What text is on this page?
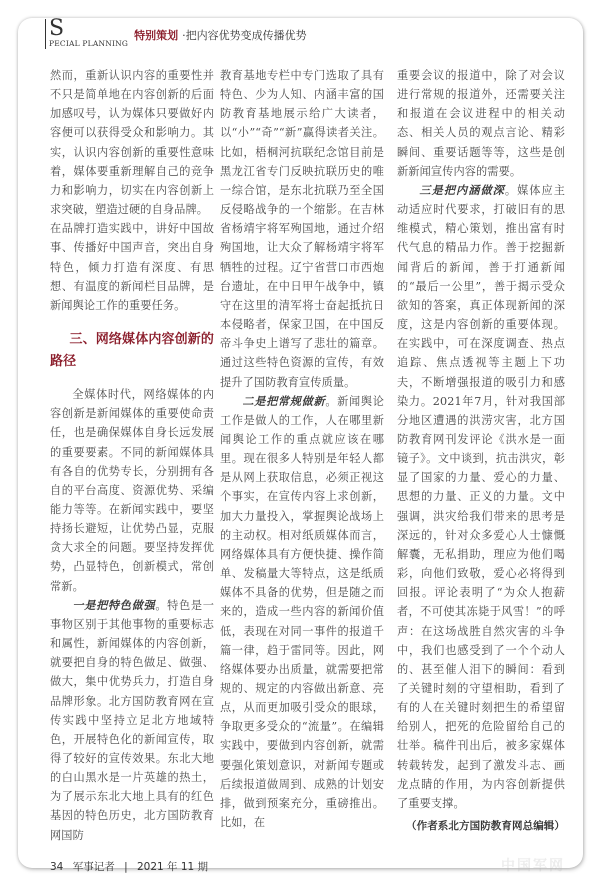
S
PECIAL PLANNING
特别策划 ·把内容优势变成传播优势

然而，重新认识内容的重要性并不只是简单地在内容创新的后面加感叹号，认为媒体只要做好内容便可以获得受众和影响力。其实，认识内容创新的重要性意味着，媒体要重新理解自己的竞争力和影响力，切实在内容创新上求突破，塑造过硬的自身品牌。

在品牌打造实践中，讲好中国故事、传播好中国声音，突出自身特色，倾力打造有深度、有思想、有温度的新闻栏目品牌，是新闻舆论工作的重要任务。

三、网络媒体内容创新的路径

全媒体时代，网络媒体的内容创新是新闻媒体的重要使命责任，也是确保媒体自身长远发展的重要要素。不同的新闻媒体具有各自的优势专长，分别拥有各自的平台高度、资源优势、采编能力等等。在新闻实践中，要坚持扬长避短，让优势凸显，克服贪大求全的问题。要坚持发挥优势，凸显特色，创新模式，常创常新。

一是把特色做强。特色是一事物区别于其他事物的重要标志和属性，新闻媒体的内容创新，就要把自身的特色做足、做强、做大，集中优势兵力，打造自身品牌形象。北方国防教育网在宣传实践中坚持立足北方地域特色，开展特色化的新闻宣传，取得了较好的宣传效果。东北大地的白山黑水是一片英雄的热土，为了展示东北大地上具有的红色基因的特色历史，北方国防教育网国防

教育基地专栏中专门选取了具有特色、少为人知、内涵丰富的国防教育基地展示给广大读者，以“小”“奇”“新”赢得读者关注。比如，梧桐河抗联纪念馆目前是黑龙江省专门反映抗联历史的唯一综合馆，是东北抗联乃至全国反侵略战争的一个缩影。在吉林省杨靖宇将军殉国地，通过介绍殉国地，让大众了解杨靖宇将军牺牲的过程。辽宁省营口市西炮台遗址，在中日甲午战争中，镇守在这里的清军将士奋起抵抗日本侵略者，保家卫国，在中国反帝斗争史上谱写了悲壮的篇章。通过这些特色资源的宣传，有效提升了国防教育宣传质量。

二是把常规做新。新闻舆论工作是做人的工作，人在哪里新闻舆论工作的重点就应该在哪里。现在很多人特别是年轻人都是从网上获取信息，必须正视这个事实，在宣传内容上求创新，加大力量投入，掌握舆论战场上的主动权。相对纸质媒体而言，网络媒体具有方便快捷、操作简单、发稿量大等特点，这是纸质媒体不具备的优势，但是随之而来的，造成一些内容的新闻价值低，表现在对同一事件的报道千篇一律，趋于雷同等。因此，网络媒体要办出质量，就需要把常规的、规定的内容做出新意、亮点，从而更加吸引受众的眼球，争取更多受众的“流量”。在编辑实践中，要做到内容创新，就需要强化策划意识，对新闻专题或后续报道做周到、成熟的计划安排，做到预案充分，重磅推出。比如，在

重要会议的报道中，除了对会议进行常规的报道外，还需要关注和报道在会议进程中的相关动态、相关人员的观点言论、精彩瞬间、重要话题等等，这些是创新新闻宣传内容的需要。

三是把内涵做深。媒体应主动适应时代要求，打破旧有的思维模式，精心策划，推出富有时代气息的精品力作。善于挖掘新闻背后的新闻，善于打通新闻的“最后一公里”，善于揭示受众欲知的答案，真正体现新闻的深度，这是内容创新的重要体现。在实践中，可在深度调查、热点追踪、焦点透视等主题上下功夫，不断增强报道的吸引力和感染力。2021年7月，针对我国部分地区遭遇的洪涝灾害，北方国防教育网刊发评论《洪水是一面镜子》。文中谈到，抗击洪灾，彰显了国家的力量、爱心的力量、思想的力量、正义的力量。文中强调，洪灾给我们带来的思考是深远的，针对众多爱心人士慷慨解囊，无私捐助，理应为他们喝彩，向他们致敬，爱心必将得到回报。评论表明了“为众人抱薪者，不可使其冻毙于风雪！”的呼声：在这场战胜自然灾害的斗争中，我们也感受到了一个个动人的、甚至催人泪下的瞬间：看到了关键时刻的守望相助，看到了有的人在关键时刻把生的希望留给别人，把死的危险留给自己的壮举。稿件刊出后，被多家媒体转载转发，起到了激发斗志、画龙点睛的作用，为内容创新提供了重要支撑。

（作者系北方国防教育网总编辑）

34 军事记者 | 2021 年 11 期	中国军网
